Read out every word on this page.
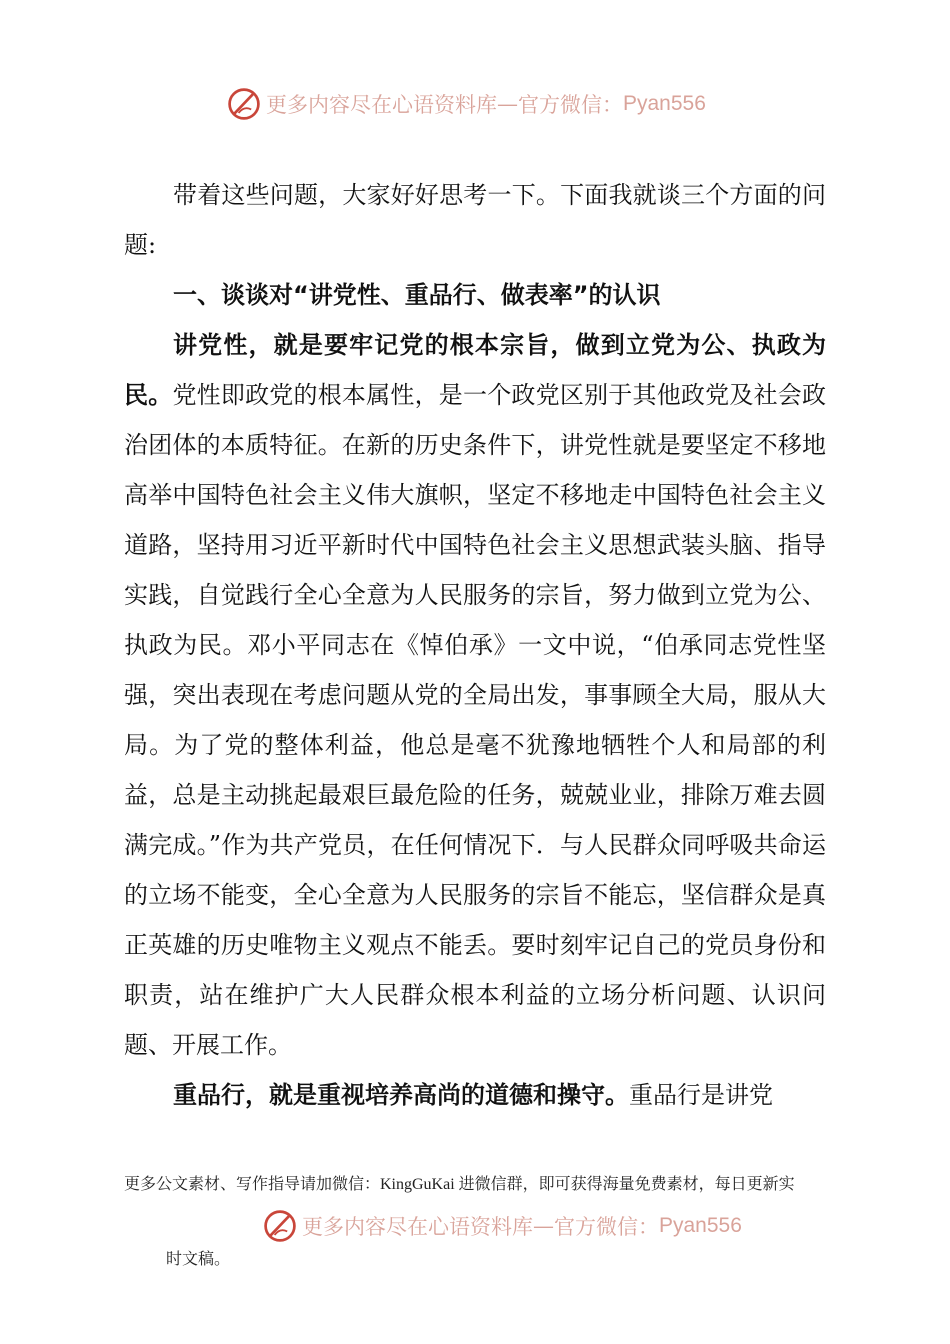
更多内容尽在心语资料库 — 官方微信： Pyan556

带着这些问题，大家好好思考一下。下面我就谈三个方面的问题:

一、谈谈对“讲党性、重品行、做表率”的认识

讲党性，就是要牢记党的根本宗旨，做到立党为公、执政为民。党性即政党的根本属性，是一个政党区别于其他政党及社会政治团体的本质特征。在新的历史条件下，讲党性就是要坚定不移地高举中国特色社会主义伟大旗帜，坚定不移地走中国特色社会主义道路，坚持用习近平新时代中国特色社会主义思想武装头脑、指导实践，自觉践行全心全意为人民服务的宗旨，努力做到立党为公、执政为民。邓小平同志在《悼伯承》一文中说，“伯承同志党性坚强，突出表现在考虑问题从党的全局出发，事事顾全大局，服从大局。为了党的整体利益，他总是毫不犹豫地牺牲个人和局部的利益，总是主动挑起最艰巨最危险的任务，兢兢业业，排除万难去圆满完成。”作为共产党员，在任何情况下．与人民群众同呼吸共命运的立场不能变，全心全意为人民服务的宗旨不能忘，坚信群众是真正英雄的历史唯物主义观点不能丢。要时刻牢记自己的党员身份和职责，站在维护广大人民群众根本利益的立场分析问题、认识问题、开展工作。

重品行，就是重视培养高尚的道德和操守。重品行是讲党

更多公文素材、写作指导请加微信：KingGuKai 进微信群，即可获得海量免费素材，每日更新实
更多内容尽在心语资料库 — 官方微信： Pyan556
时文稿。
